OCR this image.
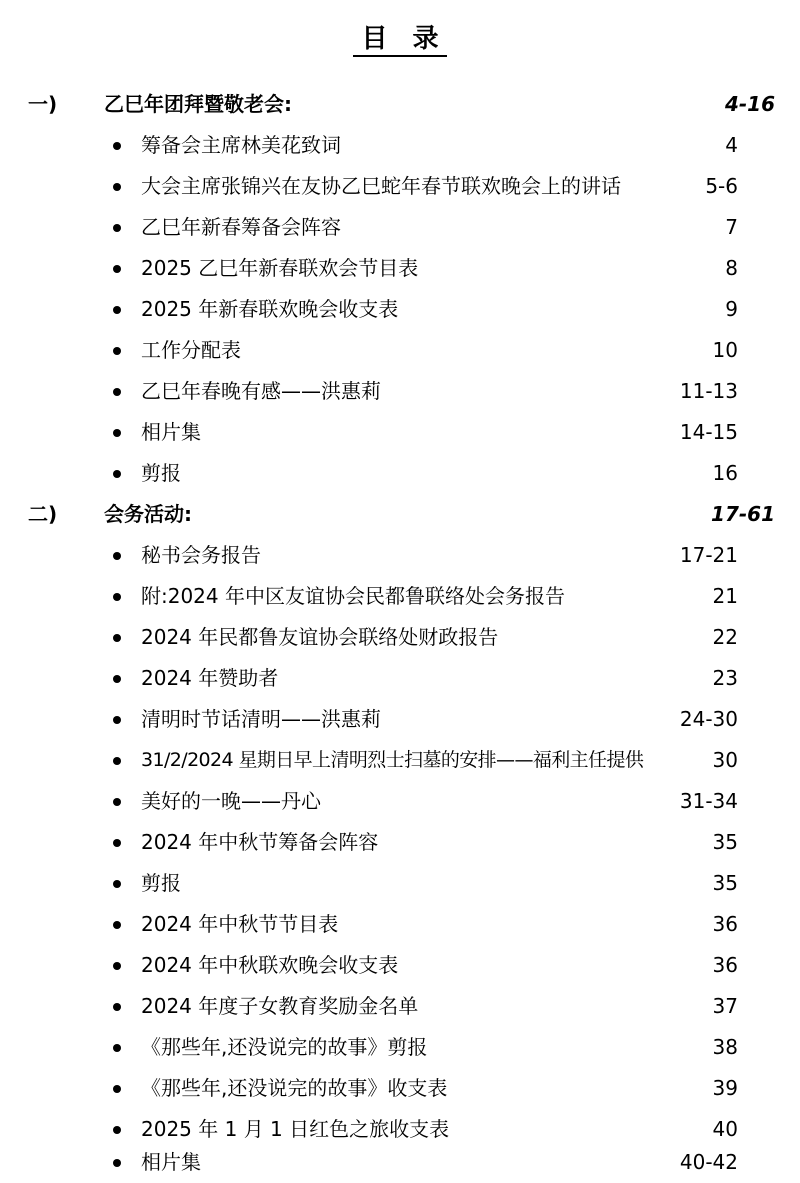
目 录
一) 乙巳年团拜暨敬老会:	4-16
筹备会主席林美花致词	4
大会主席张锦兴在友协乙巳蛇年春节联欢晚会上的讲话	5-6
乙巳年新春筹备会阵容	7
2025 乙巳年新春联欢会节目表	8
2025 年新春联欢晚会收支表	9
工作分配表	10
乙巳年春晚有感——洪惠莉	11-13
相片集	14-15
剪报	16
二) 会务活动:	17-61
秘书会务报告	17-21
附:2024 年中区友谊协会民都鲁联络处会务报告	21
2024 年民都鲁友谊协会联络处财政报告	22
2024 年赞助者	23
清明时节话清明——洪惠莉	24-30
31/2/2024 星期日早上清明烈士扫墓的安排——福利主任提供	30
美好的一晚——丹心	31-34
2024 年中秋节筹备会阵容	35
剪报	35
2024 年中秋节节目表	36
2024 年中秋联欢晚会收支表	36
2024 年度子女教育奖励金名单	37
《那些年,还没说完的故事》剪报	38
《那些年,还没说完的故事》收支表	39
2025 年 1 月 1 日红色之旅收支表	40
相片集	40-42
